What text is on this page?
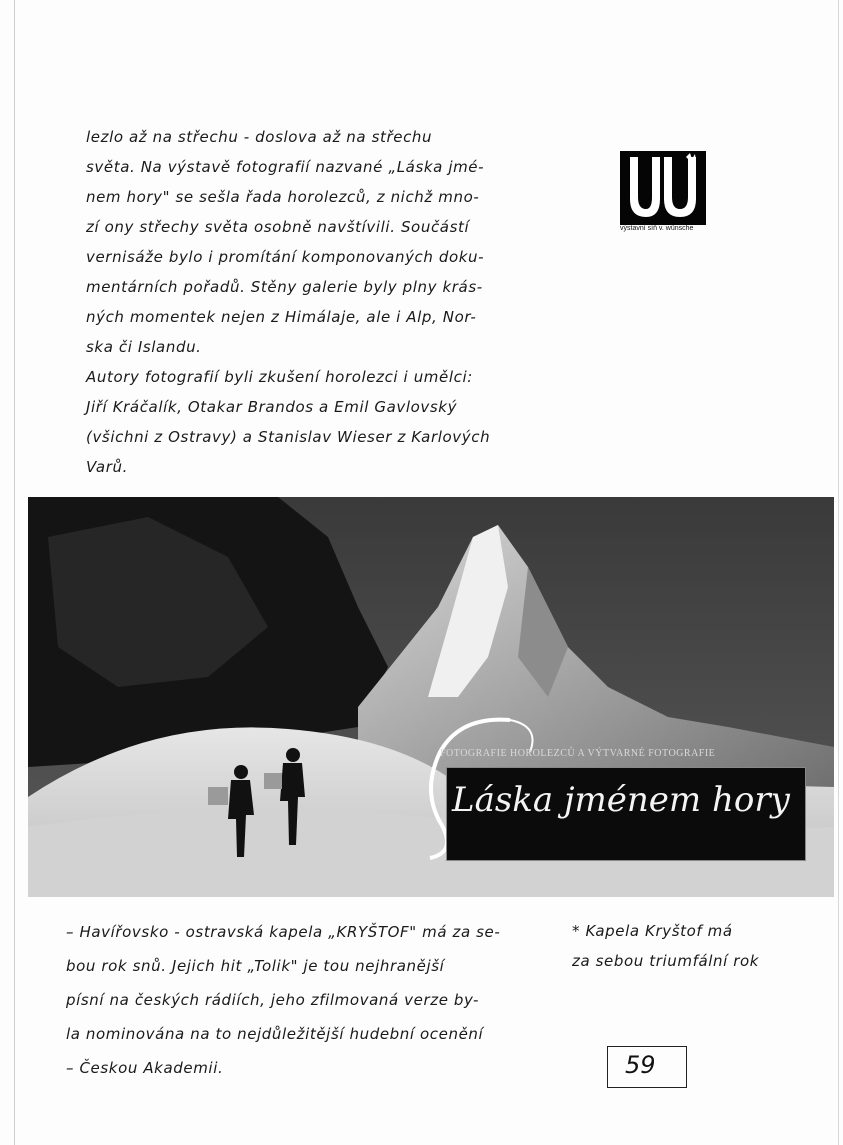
lezlo až na střechu - doslova až na střechu
světa. Na výstavě fotografií nazvané „Láska jmé-
nem hory" se sešla řada horolezců, z nichž mno-
zí ony střechy světa osobně navštívili. Součástí
vernisáže bylo i promítání komponovaných doku-
mentárních pořadů. Stěny galerie byly plny krás-
ných momentek nejen z Himálaje, ale i Alp, Nor-
ska či Islandu.
Autory fotografií byli zkušení horolezci i umělci:
Jiří Kráčalík, Otakar Brandos a Emil Gavlovský
(všichni z Ostravy) a Stanislav Wieser z Karlových
Varů.
výstavní síň v. wünsche
FOTOGRAFIE HOROLEZCŮ A VÝTVARNÉ FOTOGRAFIE
Láska jménem hory
– Havířovsko - ostravská kapela „KRYŠTOF" má za se-
bou rok snů. Jejich hit „Tolik" je tou nejhranější
písní na českých rádiích, jeho zfilmovaná verze by-
la nominována na to nejdůležitější hudební ocenění
– Českou Akademii.
* Kapela Kryštof má
za sebou triumfální rok
59
